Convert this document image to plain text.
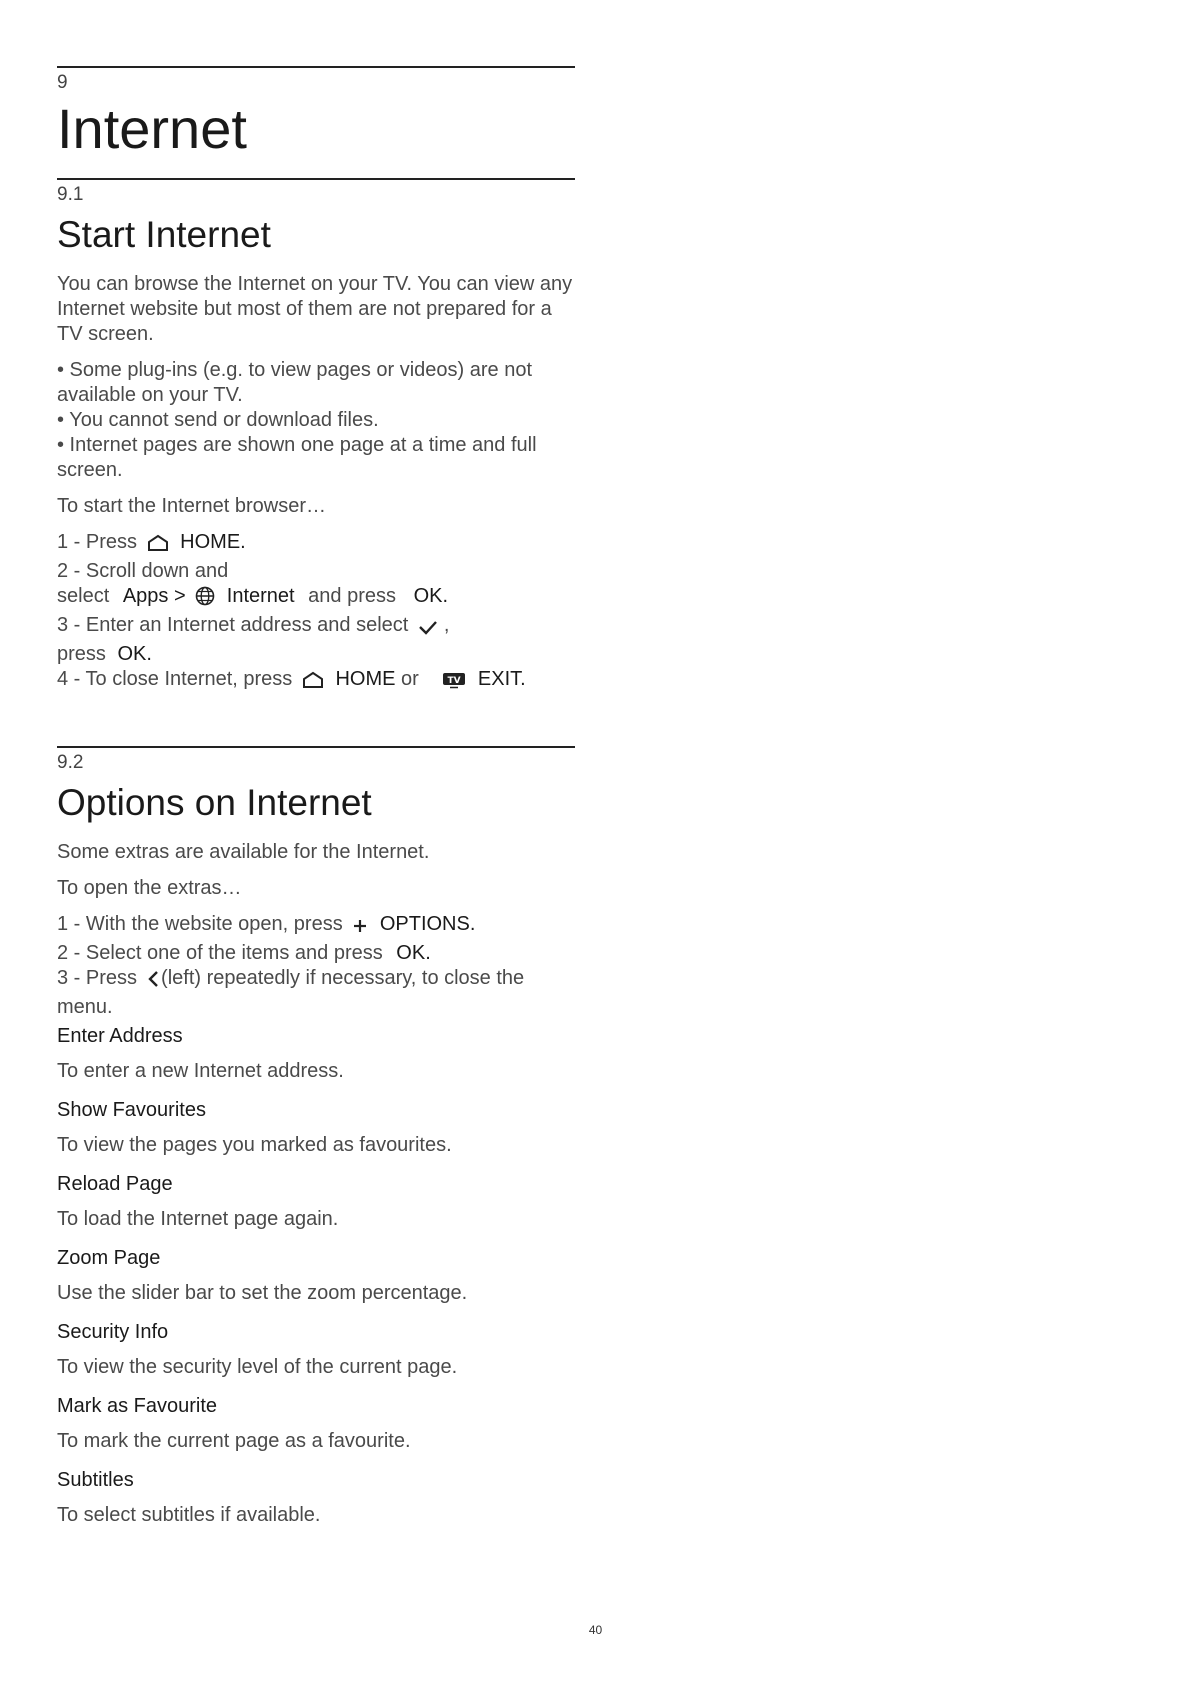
9
Internet
9.1
Start Internet

You can browse the Internet on your TV. You can view any Internet website but most of them are not prepared for a TV screen.

• Some plug-ins (e.g. to view pages or videos) are not available on your TV.

• You cannot send or download files.

• Internet pages are shown one page at a time and full screen.

To start the Internet browser…

1 - Press HOME.

2 - Scroll down and

select Apps > Internet and press OK.

3 - Enter an Internet address and select ,

press OK.

4 - To close Internet, press HOME or	TV EXIT.

9.2
Options on Internet

Some extras are available for the Internet.

To open the extras…

1 - With the website open, press OPTIONS.

2 - Select one of the items and press OK.

3 - Press (left) repeatedly if necessary, to close the menu.

Enter Address

To enter a new Internet address.

Show Favourites

To view the pages you marked as favourites.

Reload Page

To load the Internet page again.

Zoom Page

Use the slider bar to set the zoom percentage.

Security Info

To view the security level of the current page.

Mark as Favourite

To mark the current page as a favourite.

Subtitles

To select subtitles if available.

40
